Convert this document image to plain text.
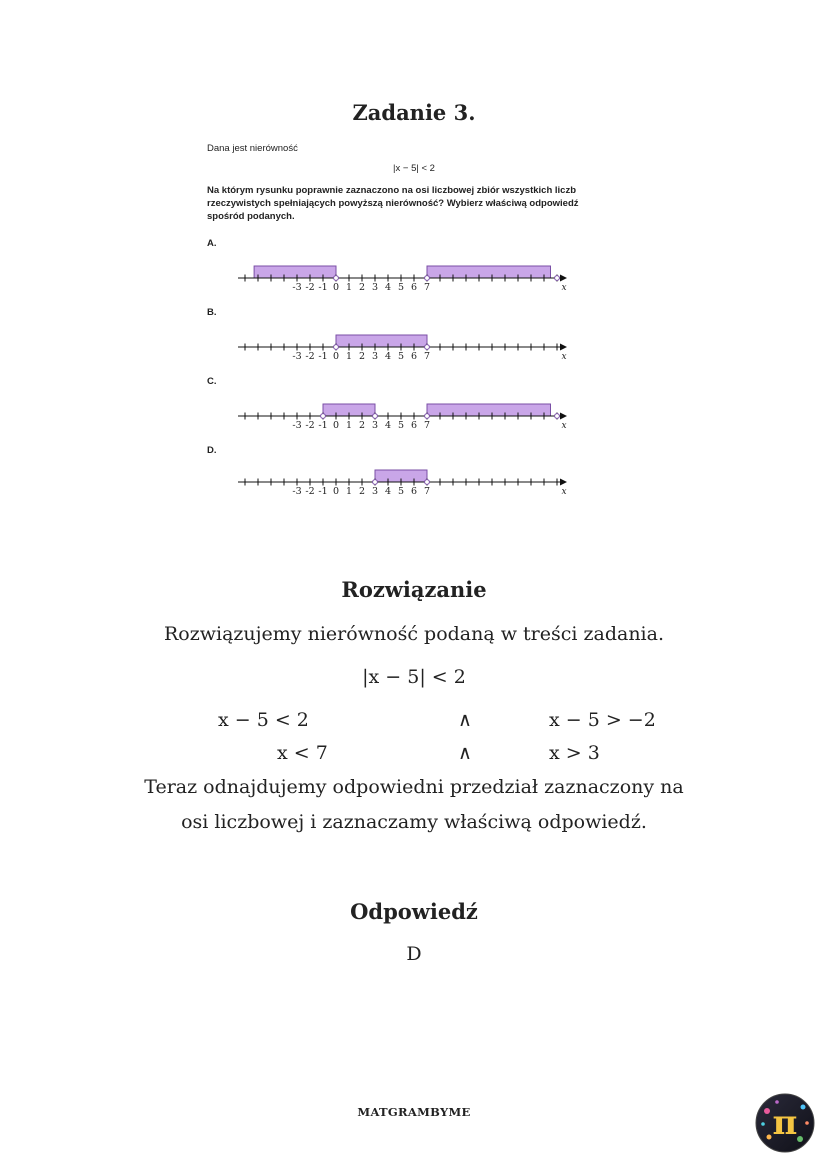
Zadanie 3.
Dana jest nierówność
|x − 5| < 2
Na którym rysunku poprawnie zaznaczono na osi liczbowej zbiór wszystkich liczb
rzeczywistych spełniających powyższą nierówność? Wybierz właściwą odpowiedź
spośród podanych.
A.
-3 -2 -1 0 1 2 3 4 5 6 7	x
B.
-3 -2 -1 0 1 2 3 4 5 6 7	x
C.
-3 -2 -1 0 1 2 3 4 5 6 7	x
D.
-3 -2 -1 0 1 2 3 4 5 6 7	x
Rozwiązanie
Rozwiązujemy nierówność podaną w treści zadania.
|x − 5| < 2
x − 5 < 2	∧	x − 5 > −2
x < 7	∧	x > 3
Teraz odnajdujemy odpowiedni przedział zaznaczony na
osi liczbowej i zaznaczamy właściwą odpowiedź.
Odpowiedź
D
MATGRAMBYME	π
